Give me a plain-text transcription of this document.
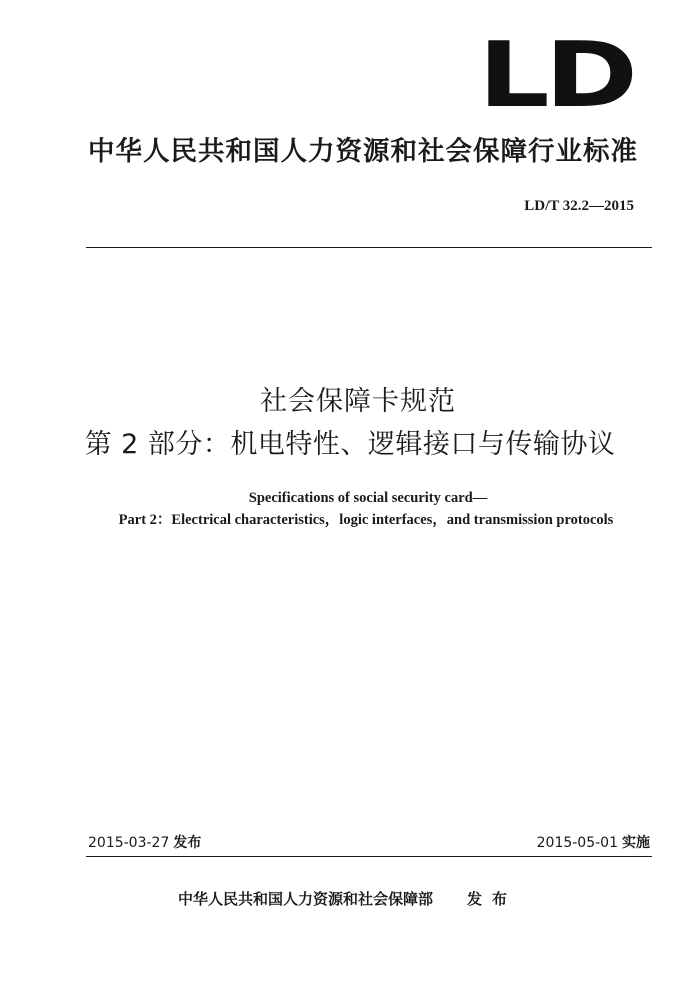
LD
中华人民共和国人力资源和社会保障行业标准
LD/T 32.2—2015
社会保障卡规范
第 2 部分：机电特性、逻辑接口与传输协议
Specifications of social security card—
Part 2：Electrical characteristics，logic interfaces，and transmission protocols
2015-03-27 发布	2015-05-01 实施
中华人民共和国人力资源和社会保障部 发布
